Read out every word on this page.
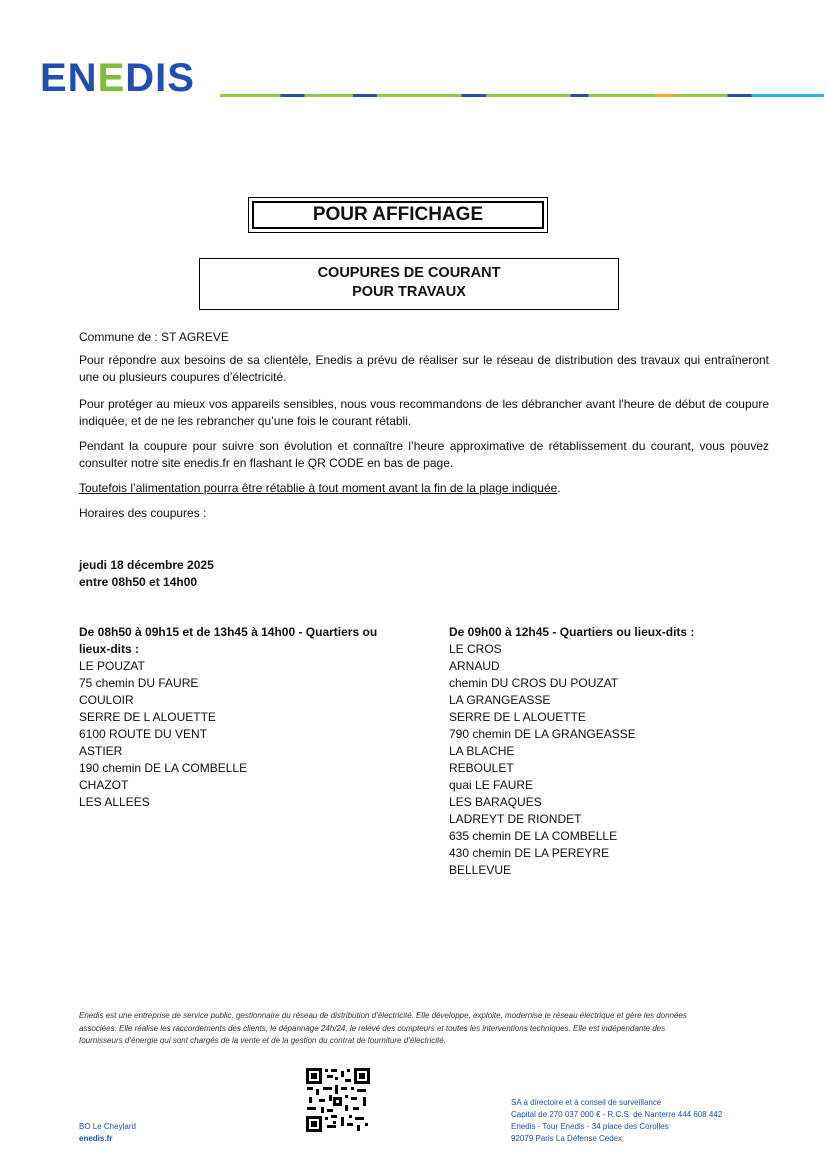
ENEDIS
POUR AFFICHAGE
COUPURES DE COURANT
POUR TRAVAUX
Commune de : ST AGREVE
Pour répondre aux besoins de sa clientèle, Enedis a prévu de réaliser sur le réseau de distribution des travaux qui entraîneront une ou plusieurs coupures d’électricité.
Pour protéger au mieux vos appareils sensibles, nous vous recommandons de les débrancher avant l'heure de début de coupure indiquée, et de ne les rebrancher qu’une fois le courant rétabli.
Pendant la coupure pour suivre son évolution et connaître l’heure approximative de rétablissement du courant, vous pouvez consulter notre site enedis.fr en flashant le QR CODE en bas de page.
Toutefois l’alimentation pourra être rétablie à tout moment avant la fin de la plage indiquée.
Horaires des coupures :
jeudi 18 décembre 2025
entre 08h50 et 14h00
De 08h50 à 09h15 et de 13h45 à 14h00 - Quartiers ou
lieux-dits :
LE POUZAT
75 chemin DU FAURE
COULOIR
SERRE DE L ALOUETTE
6100 ROUTE DU VENT
ASTIER
190 chemin DE LA COMBELLE
CHAZOT
LES ALLEES
De 09h00 à 12h45 - Quartiers ou lieux-dits :
LE CROS
ARNAUD
chemin DU CROS DU POUZAT
LA GRANGEASSE
SERRE DE L ALOUETTE
790 chemin DE LA GRANGEASSE
LA BLACHE
REBOULET
quai LE FAURE
LES BARAQUES
LADREYT DE RIONDET
635 chemin DE LA COMBELLE
430 chemin DE LA PEREYRE
BELLEVUE
Enedis est une entreprise de service public, gestionnaire du réseau de distribution d’électricité. Elle développe, exploite, modernise le réseau électrique et gère les données
associées. Elle réalise les raccordements des clients, le dépannage 24h/24, le relevé des compteurs et toutes les interventions techniques. Elle est indépendante des
fournisseurs d’énergie qui sont chargés de la vente et de la gestion du contrat de fourniture d’électricité.
BO Le Cheylard
enedis.fr
SA à directoire et à conseil de surveillance
Capital de 270 037 000 € - R.C.S. de Nanterre 444 608 442
Enedis - Tour Enedis - 34 place des Corolles
92079 Paris La Défense Cedex
